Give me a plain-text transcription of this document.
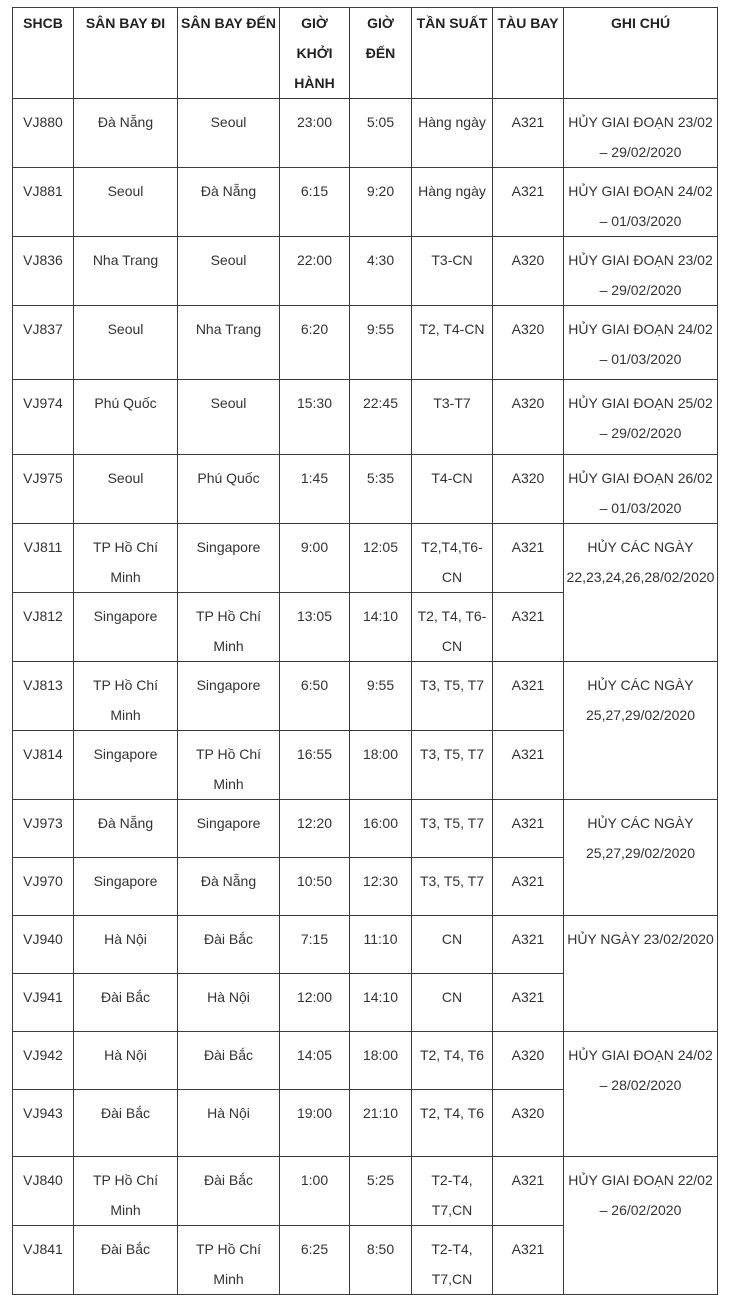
SHCB	SÂN BAY ĐI	SÂN BAY ĐẾN	GIỜ KHỞI HÀNH	GIỜ ĐẾN	TẦN SUẤT	TÀU BAY	GHI CHÚ
VJ880	Đà Nẵng	Seoul	23:00	5:05	Hàng ngày	A321	HỦY GIAI ĐOẠN 23/02 – 29/02/2020
VJ881	Seoul	Đà Nẵng	6:15	9:20	Hàng ngày	A321	HỦY GIAI ĐOẠN 24/02 – 01/03/2020
VJ836	Nha Trang	Seoul	22:00	4:30	T3-CN	A320	HỦY GIAI ĐOẠN 23/02 – 29/02/2020
VJ837	Seoul	Nha Trang	6:20	9:55	T2, T4-CN	A320	HỦY GIAI ĐOẠN 24/02 – 01/03/2020
VJ974	Phú Quốc	Seoul	15:30	22:45	T3-T7	A320	HỦY GIAI ĐOẠN 25/02 – 29/02/2020
VJ975	Seoul	Phú Quốc	1:45	5:35	T4-CN	A320	HỦY GIAI ĐOẠN 26/02 – 01/03/2020
VJ811	TP Hồ Chí Minh	Singapore	9:00	12:05	T2,T4,T6-CN	A321	HỦY CÁC NGÀY 22,23,24,26,28/02/2020
VJ812	Singapore	TP Hồ Chí Minh	13:05	14:10	T2, T4, T6-CN	A321	
VJ813	TP Hồ Chí Minh	Singapore	6:50	9:55	T3, T5, T7	A321	HỦY CÁC NGÀY 25,27,29/02/2020
VJ814	Singapore	TP Hồ Chí Minh	16:55	18:00	T3, T5, T7	A321	
VJ973	Đà Nẵng	Singapore	12:20	16:00	T3, T5, T7	A321	HỦY CÁC NGÀY 25,27,29/02/2020
VJ970	Singapore	Đà Nẵng	10:50	12:30	T3, T5, T7	A321	
VJ940	Hà Nội	Đài Bắc	7:15	11:10	CN	A321	HỦY NGÀY 23/02/2020
VJ941	Đài Bắc	Hà Nội	12:00	14:10	CN	A321	
VJ942	Hà Nội	Đài Bắc	14:05	18:00	T2, T4, T6	A320	HỦY GIAI ĐOẠN 24/02 – 28/02/2020
VJ943	Đài Bắc	Hà Nội	19:00	21:10	T2, T4, T6	A320	
VJ840	TP Hồ Chí Minh	Đài Bắc	1:00	5:25	T2-T4, T7,CN	A321	HỦY GIAI ĐOẠN 22/02 – 26/02/2020
VJ841	Đài Bắc	TP Hồ Chí Minh	6:25	8:50	T2-T4, T7,CN	A321	
